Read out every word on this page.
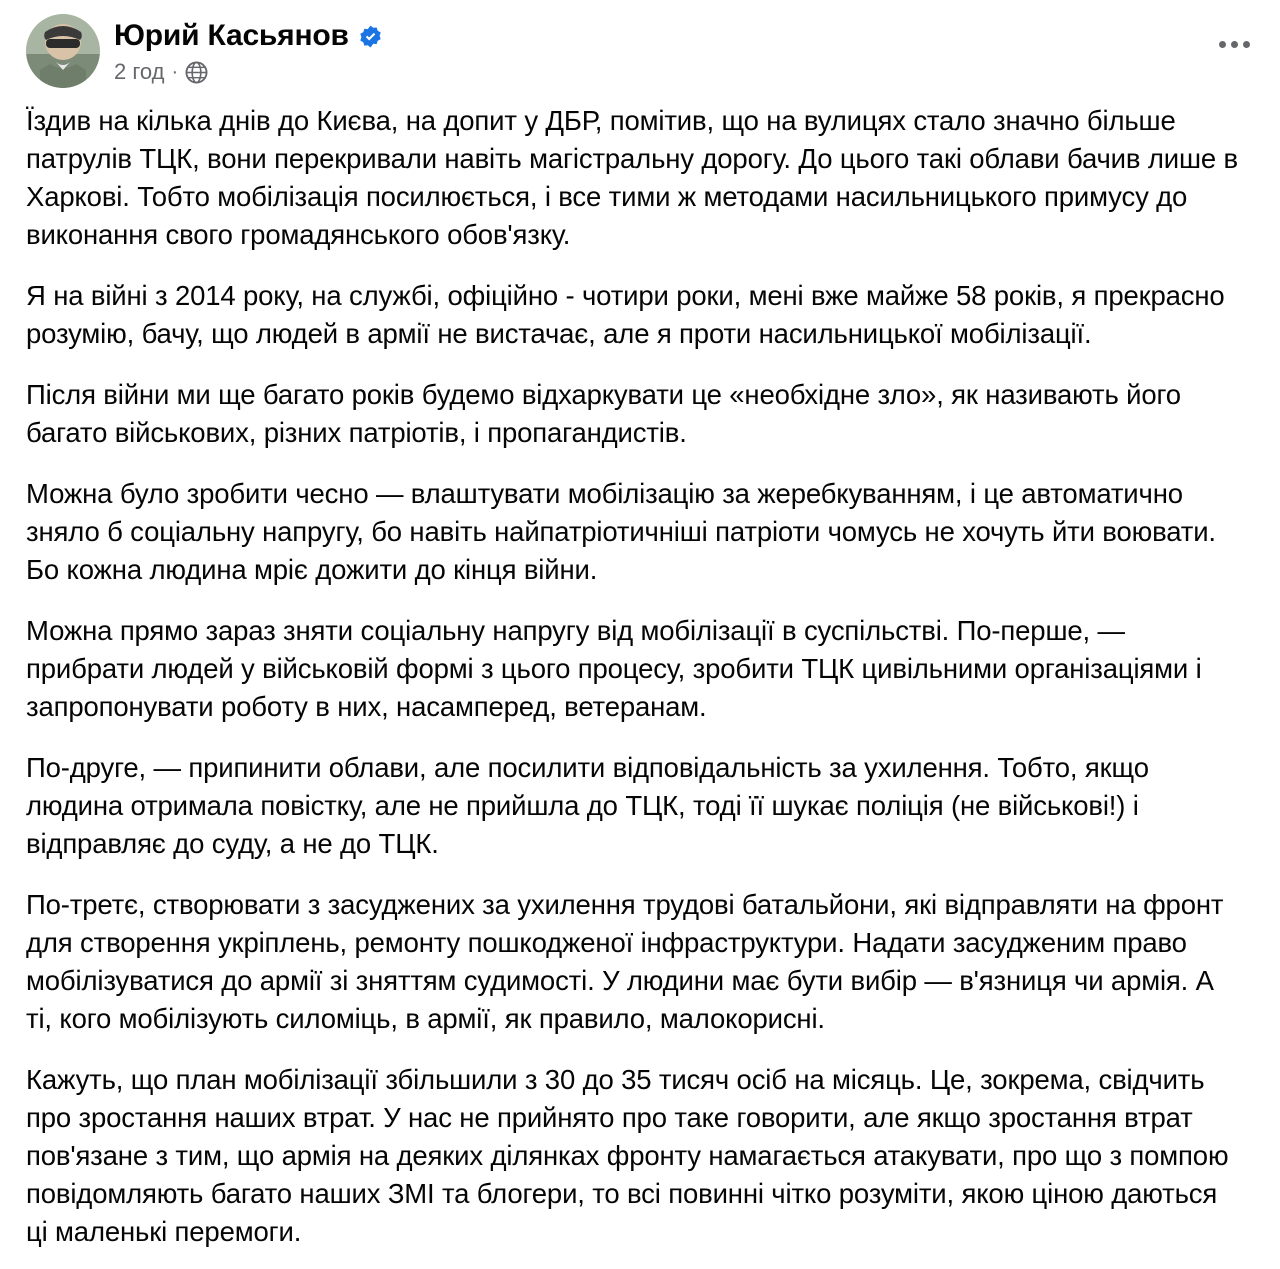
Юрий Касьянов
2 год ·

Їздив на кілька днів до Києва, на допит у ДБР, помітив, що на вулицях стало значно більше патрулів ТЦК, вони перекривали навіть магістральну дорогу. До цього такі облави бачив лише в Харкові. Тобто мобілізація посилюється, і все тими ж методами насильницького примусу до виконання свого громадянського обов'язку.

Я на війні з 2014 року, на службі, офіційно - чотири роки, мені вже майже 58 років, я прекрасно розумію, бачу, що людей в армії не вистачає, але я проти насильницької мобілізації.

Після війни ми ще багато років будемо відхаркувати це «необхідне зло», як називають його багато військових, різних патріотів, і пропагандистів.

Можна було зробити чесно — влаштувати мобілізацію за жеребкуванням, і це автоматично зняло б соціальну напругу, бо навіть найпатріотичніші патріоти чомусь не хочуть йти воювати. Бо кожна людина мріє дожити до кінця війни.

Можна прямо зараз зняти соціальну напругу від мобілізації в суспільстві. По-перше, — прибрати людей у військовій формі з цього процесу, зробити ТЦК цивільними організаціями і запропонувати роботу в них, насамперед, ветеранам.

По-друге, — припинити облави, але посилити відповідальність за ухилення. Тобто, якщо людина отримала повістку, але не прийшла до ТЦК, тоді її шукає поліція (не військові!) і відправляє до суду, а не до ТЦК.

По-третє, створювати з засуджених за ухилення трудові батальйони, які відправляти на фронт для створення укріплень, ремонту пошкодженої інфраструктури. Надати засудженим право мобілізуватися до армії зі зняттям судимості. У людини має бути вибір — в'язниця чи армія. А ті, кого мобілізують силоміць, в армії, як правило, малокорисні.

Кажуть, що план мобілізації збільшили з 30 до 35 тисяч осіб на місяць. Це, зокрема, свідчить про зростання наших втрат. У нас не прийнято про таке говорити, але якщо зростання втрат пов'язане з тим, що армія на деяких ділянках фронту намагається атакувати, про що з помпою повідомляють багато наших ЗМІ та блогери, то всі повинні чітко розуміти, якою ціною даються ці маленькі перемоги.
